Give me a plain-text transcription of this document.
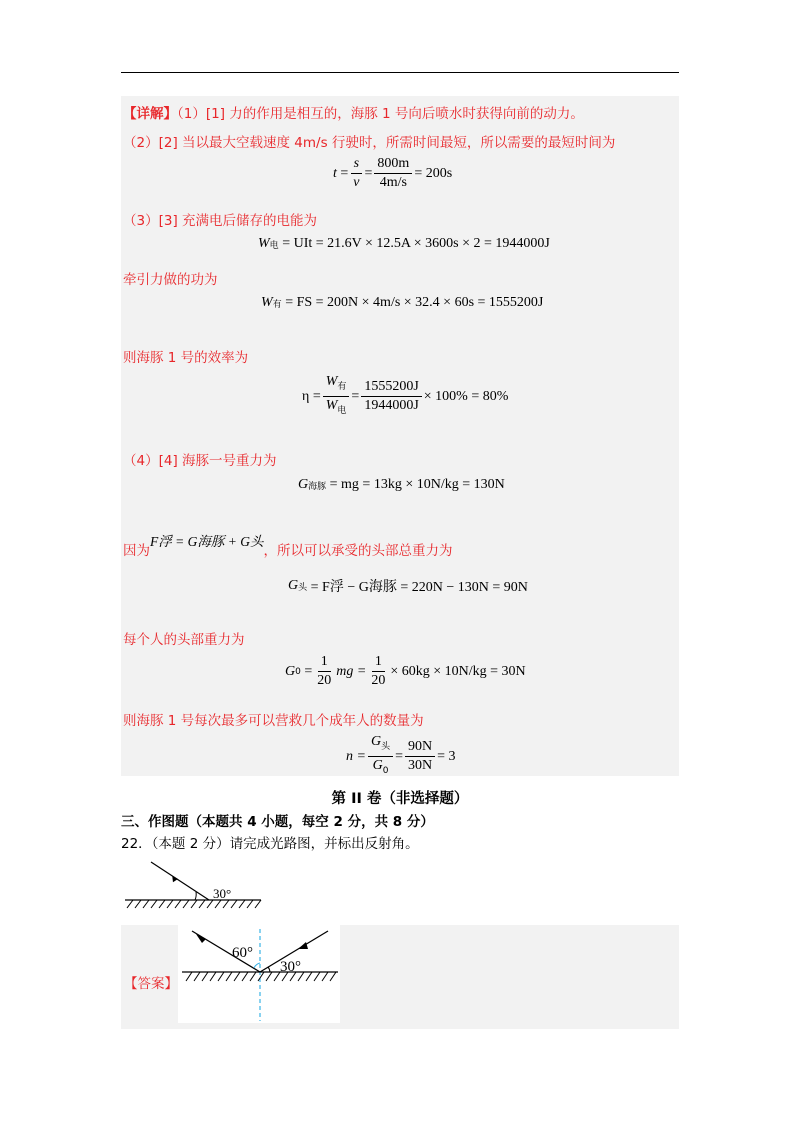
【详解】（1）[1] 力的作用是相互的，海豚 1 号向后喷水时获得向前的动力。
（2）[2] 当以最大空载速度 4m/s 行驶时，所需时间最短，所以需要的最短时间为
$t = \frac{s}{v} = \frac{800m}{4m/s} = 200s$
（3）[3] 充满电后储存的电能为
W 电
= UIt = 21.6V × 12.5A × 3600s × 2 = 1944000J
牵引力做的功为
W 有
= FS = 200N × 4m/s × 32.4 × 60s = 1555200J
则海豚 1 号的效率为
$\eta = \frac{W_有}{W_电} = \frac{1555200J}{1944000J} \times 100\% = 80\%$
（4）[4] 海豚一号重力为
G 海豚
= mg = 13kg × 10N/kg = 130N
因为F浮 = G海豚 + G头，所以可以承受的头部总重力为
G 头
= F浮 − G海豚 = 220N − 130N = 90N
每个人的头部重力为
G $0 = \frac{1}{20}$ mg = $\frac{1}{20} \times 60kg \times 10N/kg = 30N$
则海豚 1 号每次最多可以营救几个成年人的数量为
$n = \frac{G_头}{G_0} = \frac{90N}{30N} = 3$
第 II 卷（非选择题）
三、作图题（本题共 4 小题，每空 2 分，共 8 分）
22．（本题 2 分）请完成光路图，并标出反射角。
30°
【答案】
60°
30°
